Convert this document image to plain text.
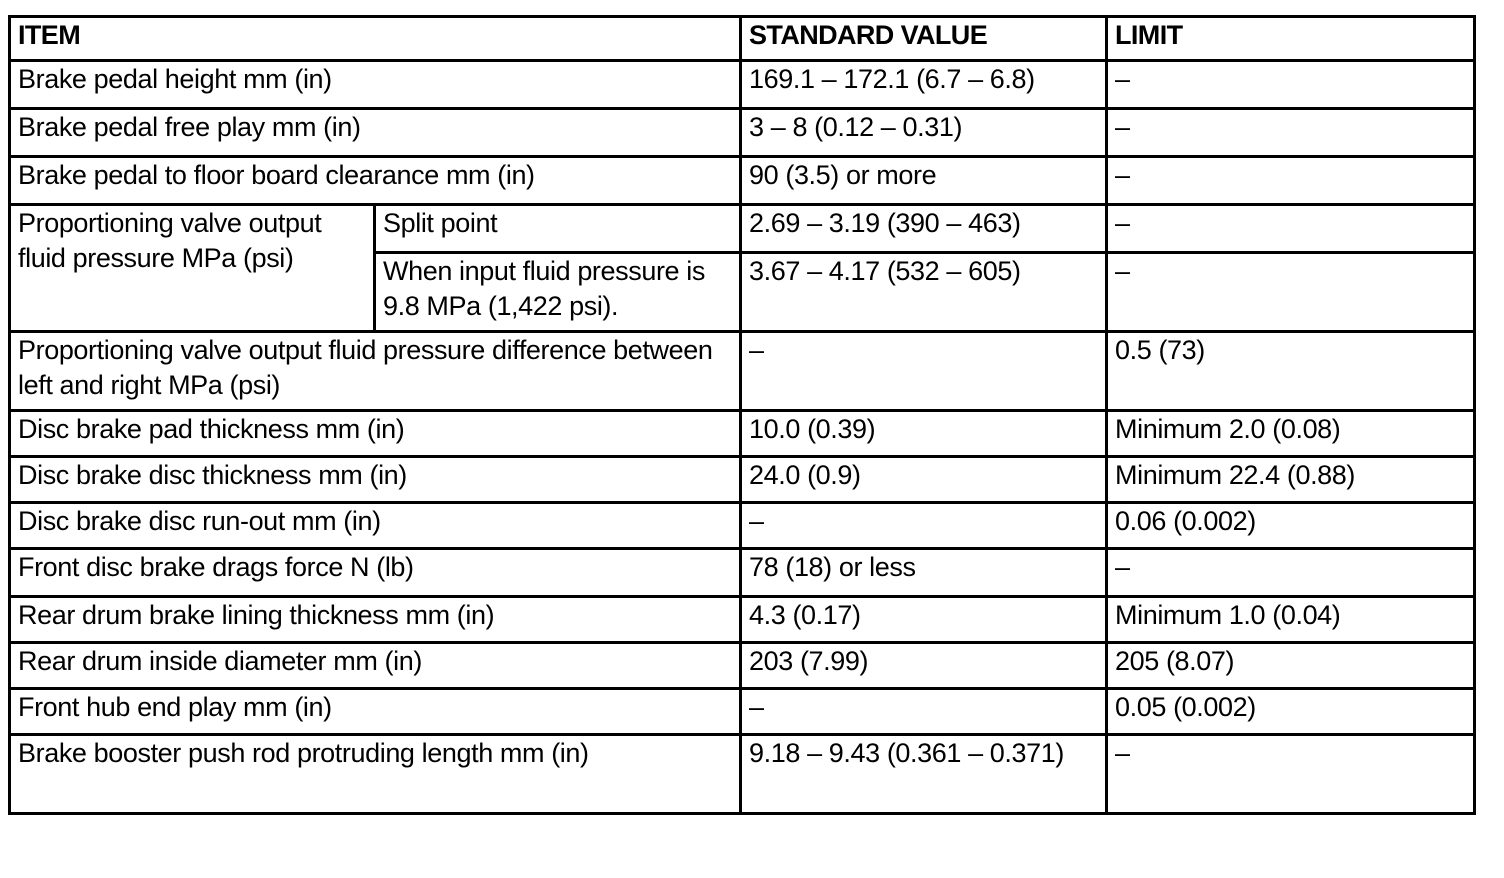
ITEM		STANDARD VALUE	LIMIT
Brake pedal height mm (in)		169.1 – 172.1 (6.7 – 6.8)	–
Brake pedal free play mm (in)		3 – 8 (0.12 – 0.31)	–
Brake pedal to floor board clearance mm (in)		90 (3.5) or more	–
Proportioning valve output fluid pressure MPa (psi)	Split point	2.69 – 3.19 (390 – 463)	–
	When input fluid pressure is 9.8 MPa (1,422 psi).	3.67 – 4.17 (532 – 605)	–
Proportioning valve output fluid pressure difference between left and right MPa (psi)		–	0.5 (73)
Disc brake pad thickness mm (in)		10.0 (0.39)	Minimum 2.0 (0.08)
Disc brake disc thickness mm (in)		24.0 (0.9)	Minimum 22.4 (0.88)
Disc brake disc run-out mm (in)		–	0.06 (0.002)
Front disc brake drags force N (lb)		78 (18) or less	–
Rear drum brake lining thickness mm (in)		4.3 (0.17)	Minimum 1.0 (0.04)
Rear drum inside diameter mm (in)		203 (7.99)	205 (8.07)
Front hub end play mm (in)		–	0.05 (0.002)
Brake booster push rod protruding length mm (in)		9.18 – 9.43 (0.361 – 0.371)	–
